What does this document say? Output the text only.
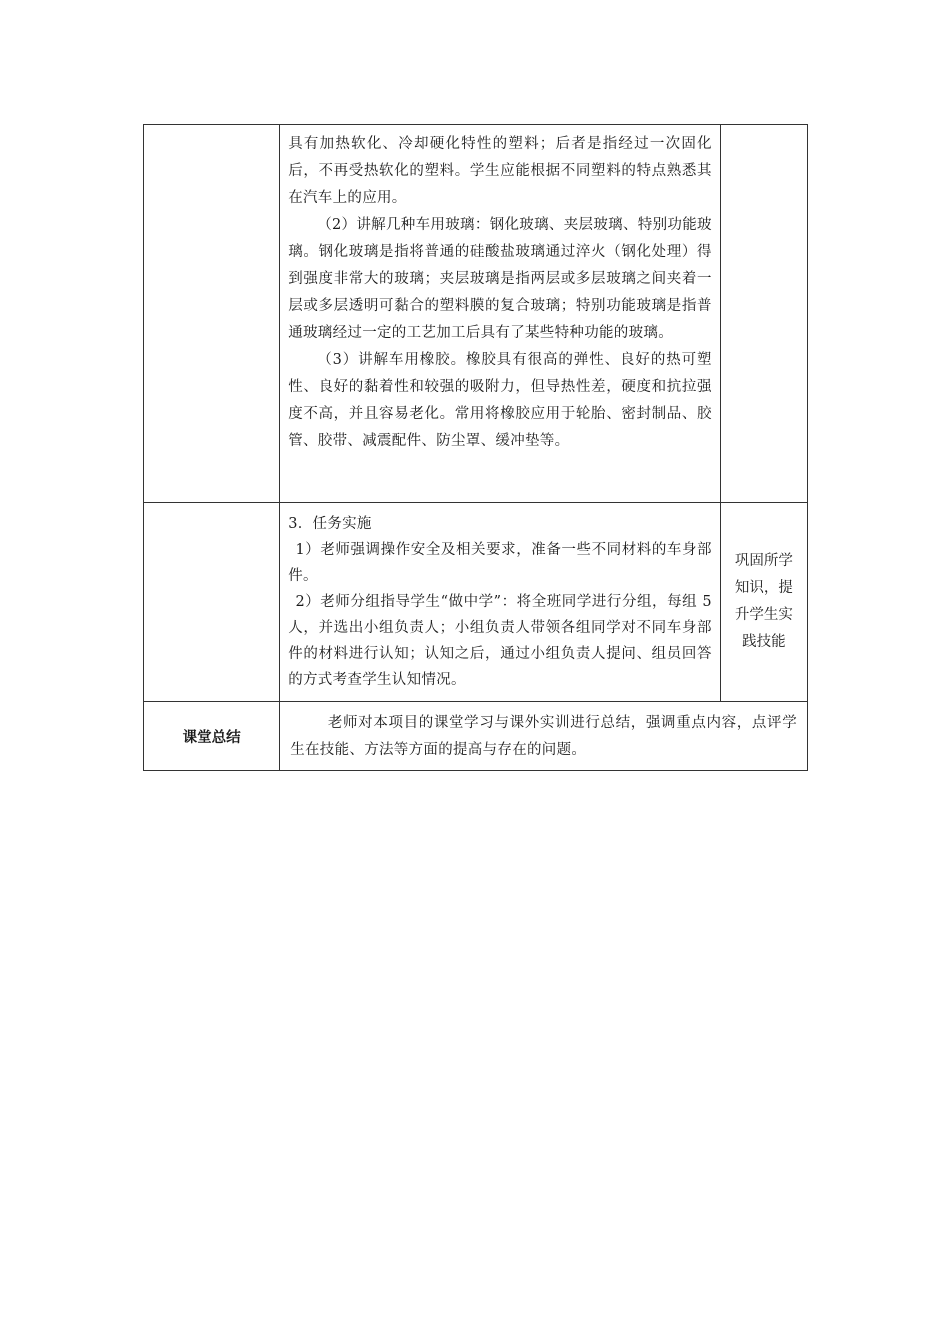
	具有加热软化、冷却硬化特性的塑料；后者是指经过一次固化后，不再受热软化的塑料。学生应能根据不同塑料的特点熟悉其在汽车上的应用。

（2）讲解几种车用玻璃：钢化玻璃、夹层玻璃、特别功能玻璃。钢化玻璃是指将普通的硅酸盐玻璃通过淬火（钢化处理）得到强度非常大的玻璃；夹层玻璃是指两层或多层玻璃之间夹着一层或多层透明可黏合的塑料膜的复合玻璃；特别功能玻璃是指普通玻璃经过一定的工艺加工后具有了某些特种功能的玻璃。

（3）讲解车用橡胶。橡胶具有很高的弹性、良好的热可塑性、良好的黏着性和较强的吸附力，但导热性差，硬度和抗拉强度不高，并且容易老化。常用将橡胶应用于轮胎、密封制品、胶管、胶带、减震配件、防尘罩、缓冲垫等。	

	3．任务实施

1）老师强调操作安全及相关要求，准备一些不同材料的车身部件。

2）老师分组指导学生“做中学”：将全班同学进行分组，每组 5 人，并选出小组负责人；小组负责人带领各组同学对不同车身部件的材料进行认知；认知之后，通过小组负责人提问、组员回答的方式考查学生认知情况。	巩固所学知识，提升学生实践技能
课堂总结	老师对本项目的课堂学习与课外实训进行总结，强调重点内容，点评学生在技能、方法等方面的提高与存在的问题。	
